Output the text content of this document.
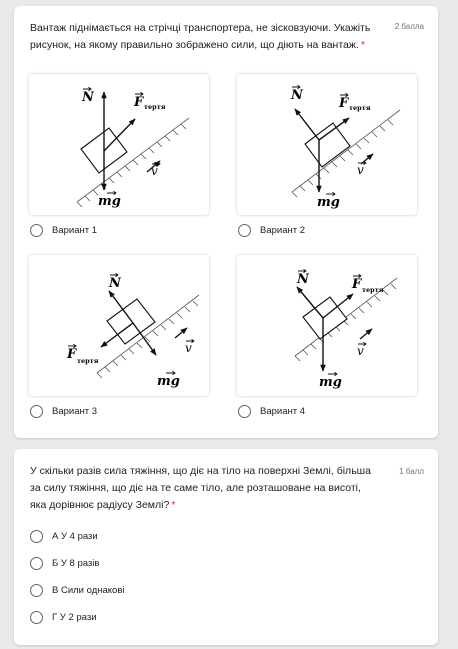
Вантаж піднімається на стрічці транспортера, не зісковзуючи. Укажіть рисунок, на якому правильно зображено сили, що діють на вантаж. *
2 балла
N	F тертя
v
mg
N
F тертя
v
mg
Вариант 1	Вариант 2
N
F тертя
v
mg
N	F тертя
v
mg
Вариант 3	Вариант 4
У скільки разів сила тяжіння, що діє на тіло на поверхні Землі, більша за силу тяжіння, що діє на те саме тіло, але розташоване на висоті, яка дорівнює радіусу Землі? *
1 балл
А У 4 рази
Б У 8 разів
В Сили однакові
Г У 2 рази
